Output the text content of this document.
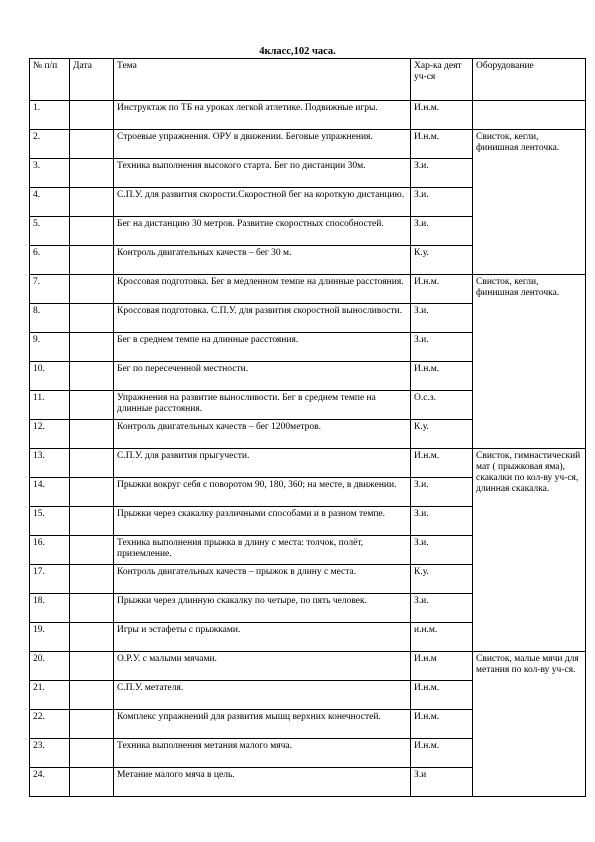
4класс,102 часа.
№ п/п	Дата	Тема	Хар-ка деят уч-ся	Оборудование
1.		Инструктаж по ТБ на уроках легкой атлетике. Подвижные игры.	И.н.м.	
2.		Строевые упражнения. ОРУ в движении. Беговые упражнения.	И.н.м.	Свисток, кегли, финишная ленточка.
3.		Техника выполнения высокого старта. Бег по дистанции 30м.	З.и.	
4.		С.П.У. для развития скорости.Скоростной бег на короткую дистанцию.	З.и.	
5.		Бег на дистанцию 30 метров. Развитие скоростных способностей.	З.и.	
6.		Контроль двигательных качеств – бег 30 м.	К.у.	
7.		Кроссовая подготовка. Бег в медленном темпе на длинные расстояния.	И.н.м.	Свисток, кегли, финишная ленточка.
8.		Кроссовая подготовка. С.П.У. для развития скоростной выносливости.	З.и.	
9.		Бег в среднем темпе на длинные расстояния.	З.и.	
10.		Бег по пересеченной местности.	И.н.м.	
11.		Упражнения на развитие выносливости. Бег в среднем темпе на длинные расстояния.	О.с.з.	
12.		Контроль двигательных качеств – бег 1200метров.	К.у.	
13.		С.П.У. для развития прыгучести.	И.н.м.	Свисток, гимнастический мат ( прыжковая яма), скакалки по кол-ву уч-ся, длинная скакалка.
14.		Прыжки вокруг себя с поворотом 90, 180, 360; на месте, в движении.	З.и.	
15.		Прыжки через скакалку различными способами и в разном темпе.	З.и.	
16.		Техника выполнения прыжка в длину с места: толчок, полёт, приземление.	З.и.	
17.		Контроль двигательных качеств – прыжок в длину с места.	К.у.	
18.		Прыжки через длинную скакалку по четыре, по пять человек.	З.и.	
19.		Игры и эстафеты с прыжками.	и.н.м.	
20.		О.Р.У. с малыми мячами.	И.н.м	Свисток, малые мячи для метания по кол-ву уч-ся.
21.		С.П.У. метателя.	И.н.м.	
22.		Комплекс упражнений для развития мышц верхних конечностей.	И.н.м.	
23.		Техника выполнения метания малого мяча.	И.н.м.	
24.		Метание малого мяча в цель.	З.и	
